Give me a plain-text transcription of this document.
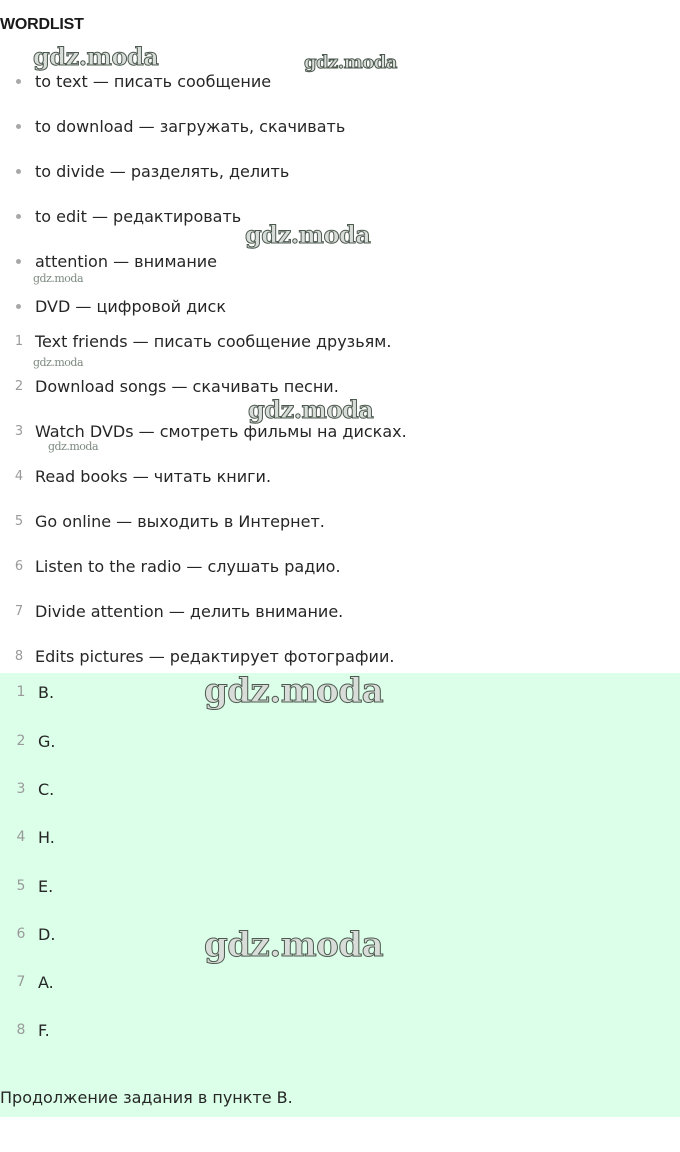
WORDLIST
to text — писать сообщение
to download — загружать, скачивать
to divide — разделять, делить
to edit — редактировать
attention — внимание
DVD — цифровой диск
1 Text friends — писать сообщение друзьям.
2 Download songs — скачивать песни.
3 Watch DVDs — смотреть фильмы на дисках.
4 Read books — читать книги.
5 Go online — выходить в Интернет.
6 Listen to the radio — слушать радио.
7 Divide attention — делить внимание.
8 Edits pictures — редактирует фотографии.
1 B.
2 G.
3 C.
4 H.
5 E.
6 D.
7 A.
8 F.
Продолжение задания в пункте B.
gdz.moda	gdz.moda
gdz.moda
gdz.moda
gdz.moda
gdz.moda
gdz.moda
gdz.moda
gdz.moda
